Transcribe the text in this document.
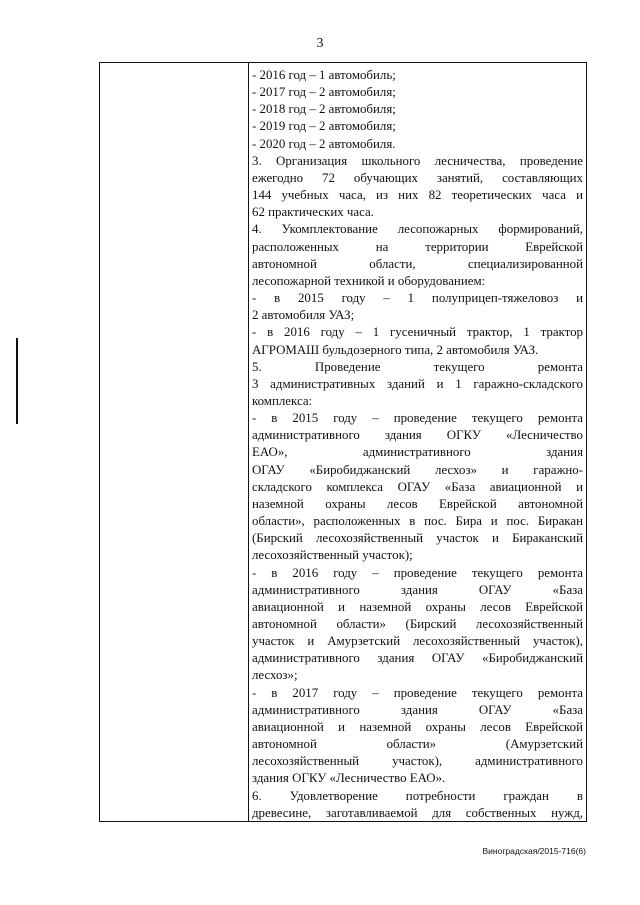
3
- 2016 год – 1 автомобиль;
- 2017 год – 2 автомобиля;
- 2018 год – 2 автомобиля;
- 2019 год – 2 автомобиля;
- 2020 год – 2 автомобиля.
3. Организация школьного лесничества, проведение
ежегодно 72 обучающих занятий, составляющих
144 учебных часа, из них 82 теоретических часа и
62 практических часа.
4. Укомплектование лесопожарных формирований,
расположенных на территории Еврейской
автономной области, специализированной
лесопожарной техникой и оборудованием:
- в 2015 году – 1 полуприцеп-тяжеловоз и
2 автомобиля УАЗ;
- в 2016 году – 1 гусеничный трактор, 1 трактор
АГРОМАШ бульдозерного типа, 2 автомобиля УАЗ.
5. Проведение текущего ремонта
3 административных зданий и 1 гаражно-складского
комплекса:
- в 2015 году – проведение текущего ремонта
административного здания ОГКУ «Лесничество
ЕАО», административного здания
ОГАУ «Биробиджанский лесхоз» и гаражно-
складского комплекса ОГАУ «База авиационной и
наземной охраны лесов Еврейской автономной
области», расположенных в пос. Бира и пос. Биракан
(Бирский лесохозяйственный участок и Бираканский
лесохозяйственный участок);
- в 2016 году – проведение текущего ремонта
административного здания ОГАУ «База
авиационной и наземной охраны лесов Еврейской
автономной области» (Бирский лесохозяйственный
участок и Амурзетский лесохозяйственный участок),
административного здания ОГАУ «Биробиджанский
лесхоз»;
- в 2017 году – проведение текущего ремонта
административного здания ОГАУ «База
авиационной и наземной охраны лесов Еврейской
автономной области» (Амурзетский
лесохозяйственный участок), административного
здания ОГКУ «Лесничество ЕАО».
6. Удовлетворение потребности граждан в
древесине, заготавливаемой для собственных нужд,
Виноградская/2015-716(6)
